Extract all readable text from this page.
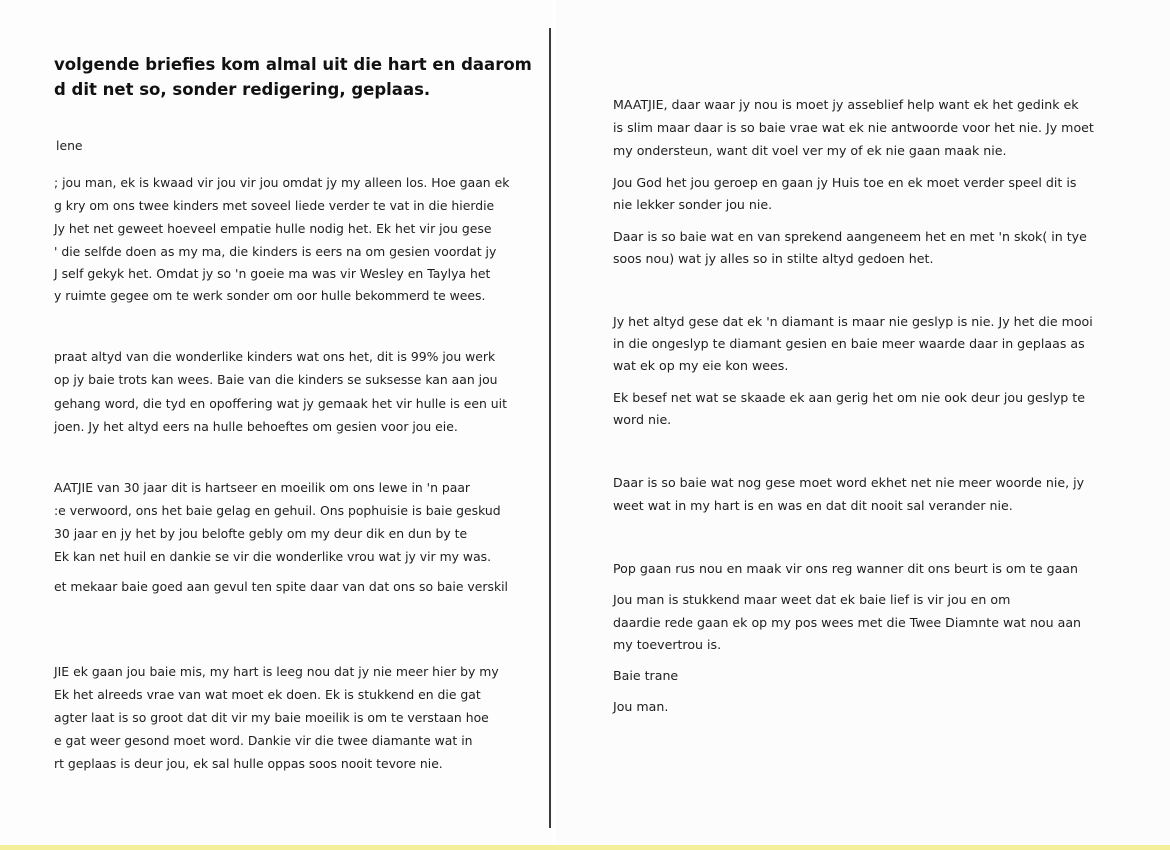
volgende briefies kom almal uit die hart en daarom
d dit net so, sonder redigering, geplaas.
lene
; jou man, ek is kwaad vir jou vir jou omdat jy my alleen los. Hoe gaan ek
g kry om ons twee kinders met soveel liede verder te vat in die hierdie
Jy het net geweet hoeveel empatie hulle nodig het. Ek het vir jou gese
' die selfde doen as my ma, die kinders is eers na om gesien voordat jy
J self gekyk het. Omdat jy so 'n goeie ma was vir Wesley en Taylya het
y ruimte gegee om te werk sonder om oor hulle bekommerd te wees.
praat altyd van die wonderlike kinders wat ons het, dit is 99% jou werk
op jy baie trots kan wees. Baie van die kinders se suksesse kan aan jou
gehang word, die tyd en opoffering wat jy gemaak het vir hulle is een uit
joen. Jy het altyd eers na hulle behoeftes om gesien voor jou eie.
AATJIE van 30 jaar dit is hartseer en moeilik om ons lewe in 'n paar
:e verwoord, ons het baie gelag en gehuil. Ons pophuisie is baie geskud
30 jaar en jy het by jou belofte gebly om my deur dik en dun by te
Ek kan net huil en dankie se vir die wonderlike vrou wat jy vir my was.
et mekaar baie goed aan gevul ten spite daar van dat ons so baie verskil
JIE ek gaan jou baie mis, my hart is leeg nou dat jy nie meer hier by my
Ek het alreeds vrae van wat moet ek doen. Ek is stukkend en die gat
agter laat is so groot dat dit vir my baie moeilik is om te verstaan hoe
e gat weer gesond moet word. Dankie vir die twee diamante wat in
rt geplaas is deur jou, ek sal hulle oppas soos nooit tevore nie.
MAATJIE, daar waar jy nou is moet jy asseblief help want ek het gedink ek
is slim maar daar is so baie vrae wat ek nie antwoorde voor het nie. Jy moet
my ondersteun, want dit voel ver my of ek nie gaan maak nie.
Jou God het jou geroep en gaan jy Huis toe en ek moet verder speel dit is
nie lekker sonder jou nie.
Daar is so baie wat en van sprekend aangeneem het en met 'n skok( in tye
soos nou) wat jy alles so in stilte altyd gedoen het.
Jy het altyd gese dat ek 'n diamant is maar nie geslyp is nie. Jy het die mooi
in die ongeslyp te diamant gesien en baie meer waarde daar in geplaas as
wat ek op my eie kon wees.
Ek besef net wat se skaade ek aan gerig het om nie ook deur jou geslyp te
word nie.
Daar is so baie wat nog gese moet word ekhet net nie meer woorde nie, jy
weet wat in my hart is en was en dat dit nooit sal verander nie.
Pop gaan rus nou en maak vir ons reg wanner dit ons beurt is om te gaan
Jou man is stukkend maar weet dat ek baie lief is vir jou en om
daardie rede gaan ek op my pos wees met die Twee Diamnte wat nou aan
my toevertrou is.
Baie trane
Jou man.
